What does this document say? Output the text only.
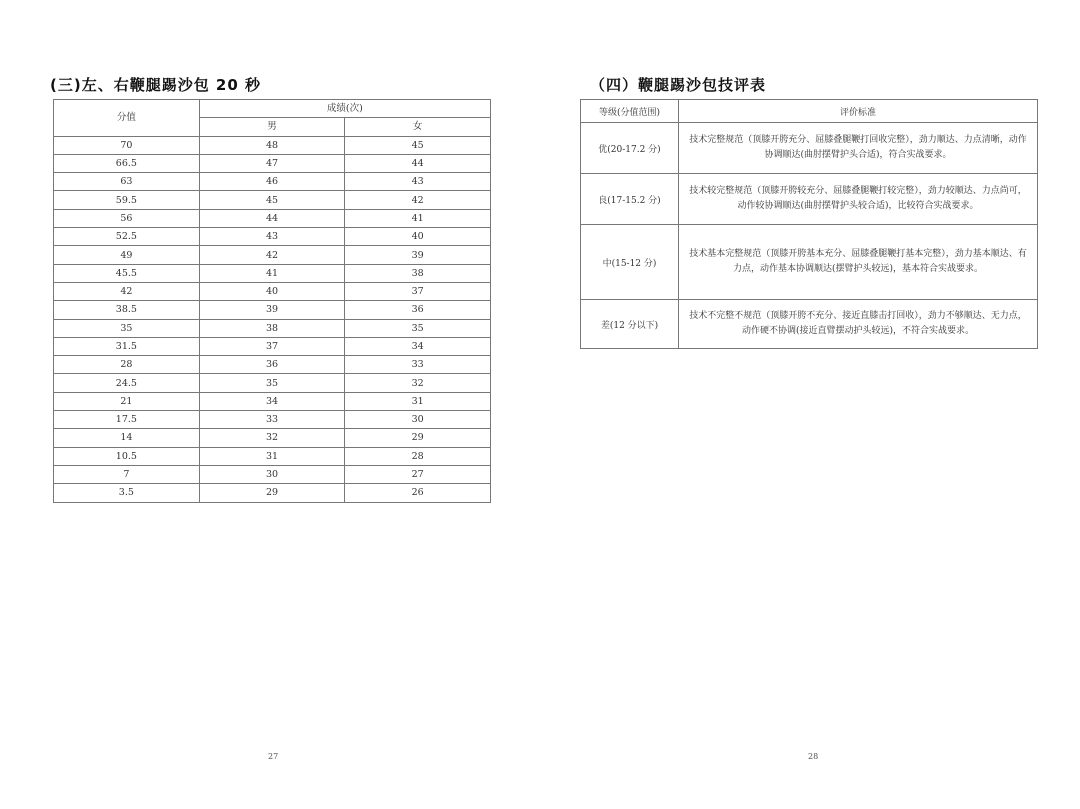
(三)左、右鞭腿踢沙包 20 秒
分值	成绩(次)	
	男	女
70	48	45
66.5	47	44
63	46	43
59.5	45	42
56	44	41
52.5	43	40
49	42	39
45.5	41	38
42	40	37
38.5	39	36
35	38	35
31.5	37	34
28	36	33
24.5	35	32
21	34	31
17.5	33	30
14	32	29
10.5	31	28
7	30	27
3.5	29	26
（四）鞭腿踢沙包技评表
等级(分值范围)	评价标准
优(20-17.2 分)	技术完整规范（顶膝开胯充分、屈膝叠腿鞭打回收完整），劲力顺达、力点清晰，动作协调顺达(曲肘摆臂护头合适)，符合实战要求。
良(17-15.2 分)	技术较完整规范（顶膝开胯较充分、屈膝叠腿鞭打较完整），劲力较顺达、力点尚可，动作较协调顺达(曲肘摆臂护头较合适)，比较符合实战要求。
中(15-12 分)	技术基本完整规范（顶膝开胯基本充分、屈膝叠腿鞭打基本完整），劲力基本顺达、有力点，动作基本协调顺达(摆臂护头较远)，基本符合实战要求。
差(12 分以下)	技术不完整不规范（顶膝开胯不充分、接近直膝击打回收），劲力不够顺达、无力点，动作硬不协调(接近直臂摆动护头较远)，不符合实战要求。
27	28
